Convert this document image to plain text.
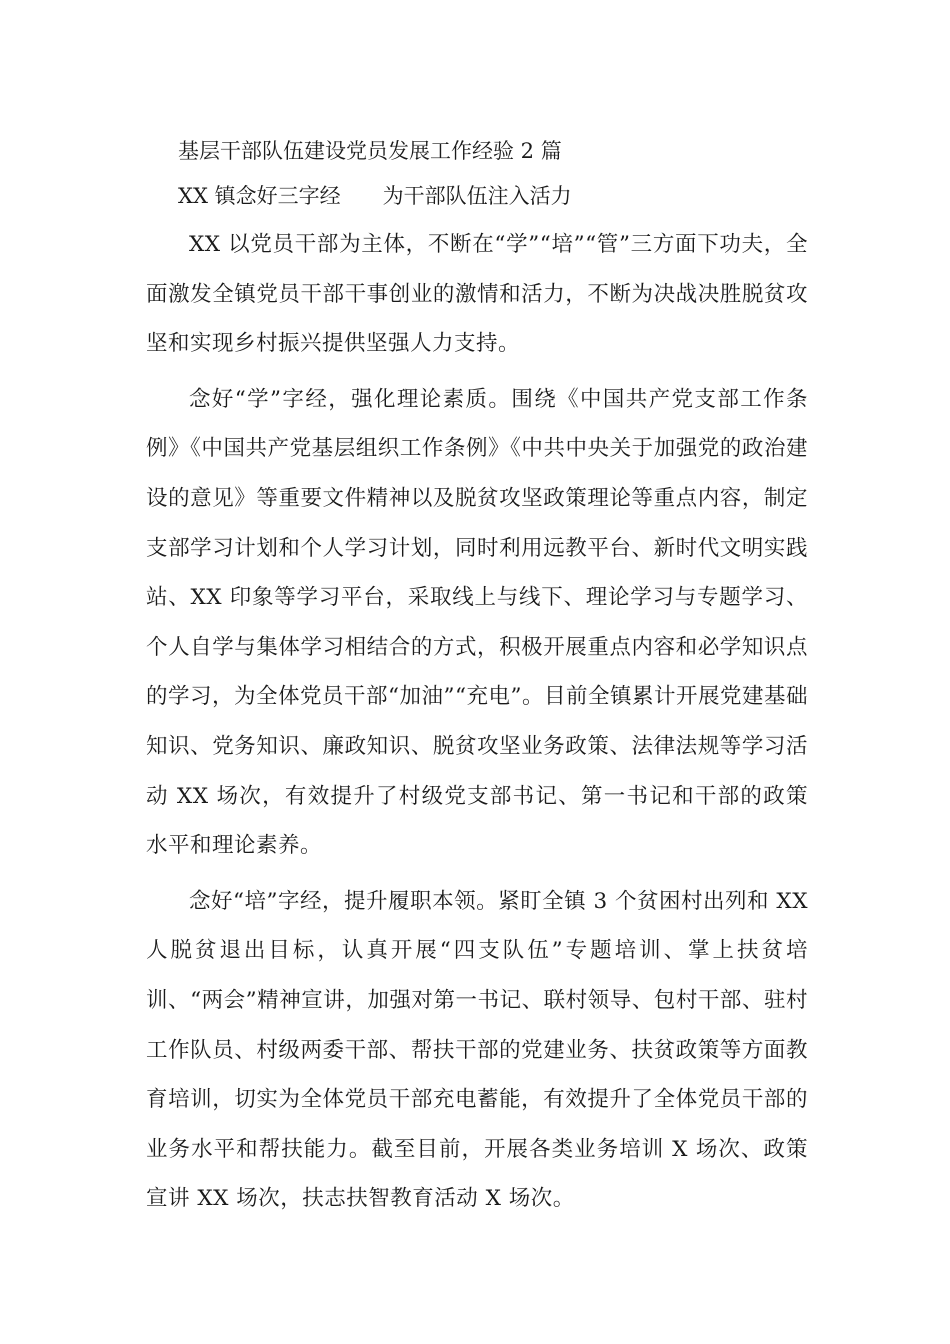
基层干部队伍建设党员发展工作经验 2 篇

XX 镇念好三字经　　为干部队伍注入活力

XX 以党员干部为主体，不断在“学”“培”“管”三方面下功夫，全面激发全镇党员干部干事创业的激情和活力，不断为决战决胜脱贫攻坚和实现乡村振兴提供坚强人力支持。

念好“学”字经，强化理论素质。围绕《中国共产党支部工作条例》《中国共产党基层组织工作条例》《中共中央关于加强党的政治建设的意见》等重要文件精神以及脱贫攻坚政策理论等重点内容，制定支部学习计划和个人学习计划，同时利用远教平台、新时代文明实践站、XX 印象等学习平台，采取线上与线下、理论学习与专题学习、个人自学与集体学习相结合的方式，积极开展重点内容和必学知识点的学习，为全体党员干部“加油”“充电”。目前全镇累计开展党建基础知识、党务知识、廉政知识、脱贫攻坚业务政策、法律法规等学习活动 XX 场次，有效提升了村级党支部书记、第一书记和干部的政策水平和理论素养。

念好“培”字经，提升履职本领。紧盯全镇 3 个贫困村出列和 XX 人脱贫退出目标，认真开展“四支队伍”专题培训、掌上扶贫培训、“两会”精神宣讲，加强对第一书记、联村领导、包村干部、驻村工作队员、村级两委干部、帮扶干部的党建业务、扶贫政策等方面教育培训，切实为全体党员干部充电蓄能，有效提升了全体党员干部的业务水平和帮扶能力。截至目前，开展各类业务培训 X 场次、政策宣讲 XX 场次，扶志扶智教育活动 X 场次。
